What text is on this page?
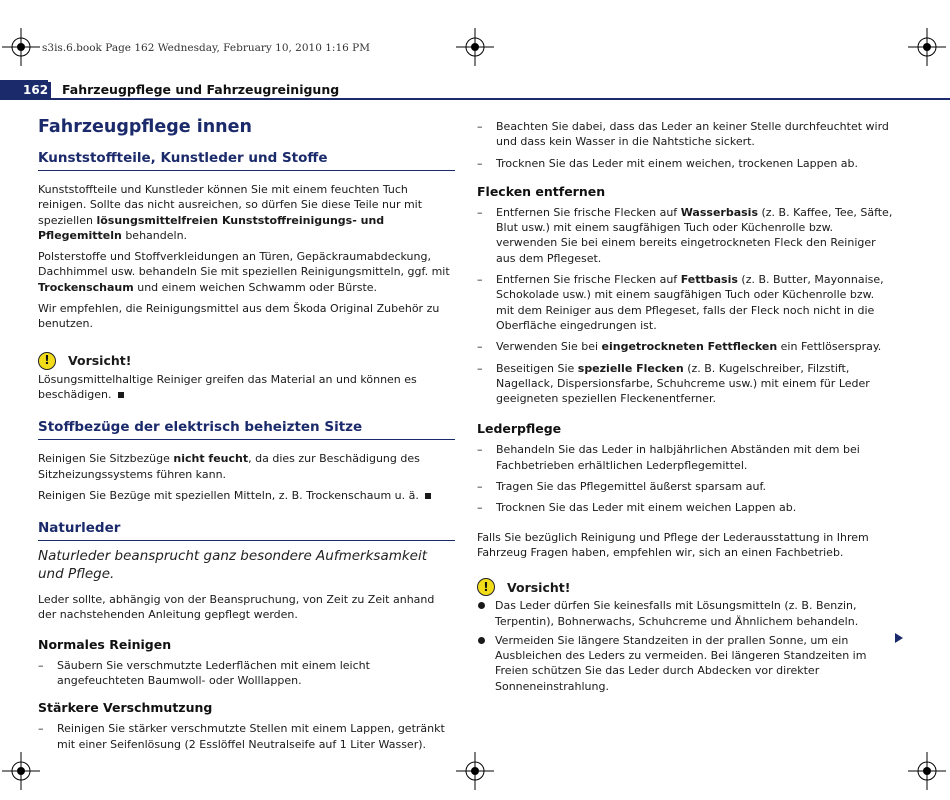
s3is.6.book Page 162 Wednesday, February 10, 2010 1:16 PM
162 Fahrzeugpflege und Fahrzeugreinigung
Fahrzeugpflege innen
Kunststoffteile, Kunstleder und Stoffe

Kunststoffteile und Kunstleder können Sie mit einem feuchten Tuch reinigen. Sollte das nicht ausreichen, so dürfen Sie diese Teile nur mit speziellen lösungsmittelfreien Kunststoffreinigungs- und Pflegemitteln behandeln.

Polsterstoffe und Stoffverkleidungen an Türen, Gepäckraumabdeckung, Dachhimmel usw. behandeln Sie mit speziellen Reinigungsmitteln, ggf. mit Trockenschaum und einem weichen Schwamm oder Bürste.

Wir empfehlen, die Reinigungsmittel aus dem Škoda Original Zubehör zu benutzen.

!	Vorsicht!

Lösungsmittelhaltige Reiniger greifen das Material an und können es beschädigen.

Stoffbezüge der elektrisch beheizten Sitze

Reinigen Sie Sitzbezüge nicht feucht, da dies zur Beschädigung des Sitzheizungssystems führen kann.

Reinigen Sie Bezüge mit speziellen Mitteln, z. B. Trockenschaum u. ä.

Naturleder

Naturleder beansprucht ganz besondere Aufmerksamkeit und Pflege.

Leder sollte, abhängig von der Beanspruchung, von Zeit zu Zeit anhand der nachstehenden Anleitung gepflegt werden.

Normales Reinigen
– Säubern Sie verschmutzte Lederflächen mit einem leicht angefeuchteten Baumwoll- oder Wolllappen.
Stärkere Verschmutzung
– Reinigen Sie stärker verschmutzte Stellen mit einem Lappen, getränkt mit einer Seifenlösung (2 Esslöffel Neutralseife auf 1 Liter Wasser).
– Beachten Sie dabei, dass das Leder an keiner Stelle durchfeuchtet wird und dass kein Wasser in die Nahtstiche sickert.
– Trocknen Sie das Leder mit einem weichen, trockenen Lappen ab.
Flecken entfernen
– Entfernen Sie frische Flecken auf Wasserbasis (z. B. Kaffee, Tee, Säfte, Blut usw.) mit einem saugfähigen Tuch oder Küchenrolle bzw. verwenden Sie bei einem bereits eingetrockneten Fleck den Reiniger aus dem Pflegeset.
– Entfernen Sie frische Flecken auf Fettbasis (z. B. Butter, Mayonnaise, Schokolade usw.) mit einem saugfähigen Tuch oder Küchenrolle bzw. mit dem Reiniger aus dem Pflegeset, falls der Fleck noch nicht in die Oberfläche eingedrungen ist.
– Verwenden Sie bei eingetrockneten Fettflecken ein Fettlöserspray.
– Beseitigen Sie spezielle Flecken (z. B. Kugelschreiber, Filzstift, Nagellack, Dispersionsfarbe, Schuhcreme usw.) mit einem für Leder geeigneten speziellen Fleckenentferner.
Lederpflege
– Behandeln Sie das Leder in halbjährlichen Abständen mit dem bei Fachbetrieben erhältlichen Lederpflegemittel.
– Tragen Sie das Pflegemittel äußerst sparsam auf.
– Trocknen Sie das Leder mit einem weichen Lappen ab.

Falls Sie bezüglich Reinigung und Pflege der Lederausstattung in Ihrem Fahrzeug Fragen haben, empfehlen wir, sich an einen Fachbetrieb.

!	Vorsicht!

Das Leder dürfen Sie keinesfalls mit Lösungsmitteln (z. B. Benzin, Terpentin), Bohnerwachs, Schuhcreme und Ähnlichem behandeln.

Vermeiden Sie längere Standzeiten in der prallen Sonne, um ein Ausbleichen des Leders zu vermeiden. Bei längeren Standzeiten im Freien schützen Sie das Leder durch Abdecken vor direkter Sonneneinstrahlung.
